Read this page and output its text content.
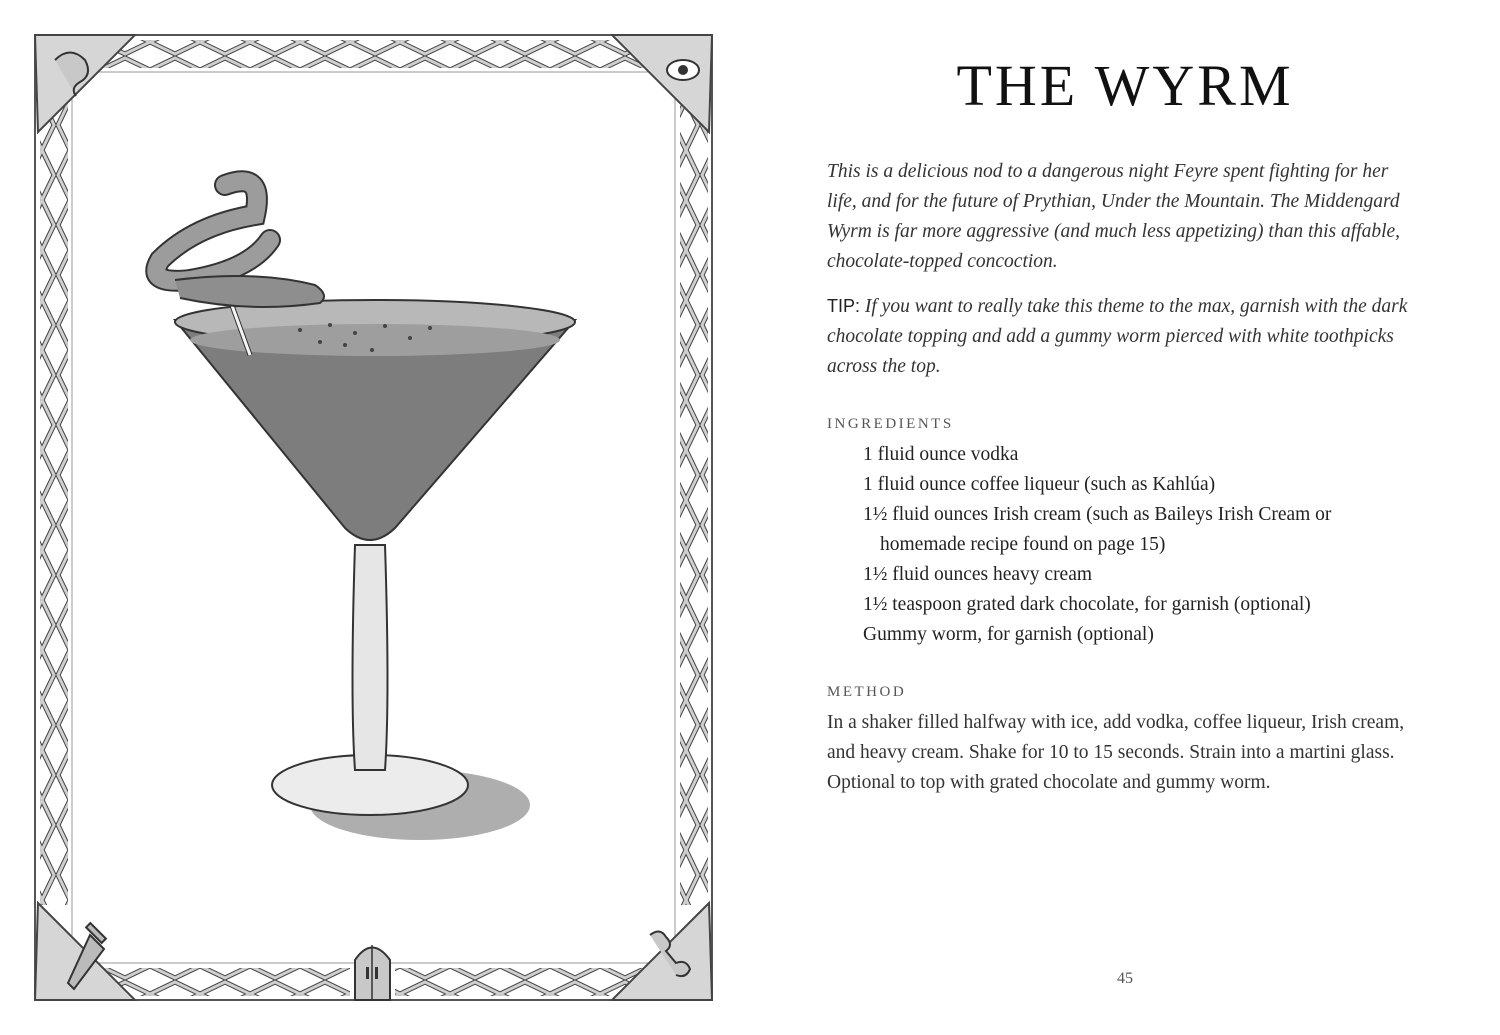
THE WYRM

This is a delicious nod to a dangerous night Feyre spent fighting for her life, and for the future of Prythian, Under the Mountain. The Middengard Wyrm is far more aggressive (and much less appetizing) than this affable, chocolate-topped concoction.

TIP: If you want to really take this theme to the max, garnish with the dark chocolate topping and add a gummy worm pierced with white toothpicks across the top.

INGREDIENTS

1 fluid ounce vodka
1 fluid ounce coffee liqueur (such as Kahlúa)
1½ fluid ounces Irish cream (such as Baileys Irish Cream or
homemade recipe found on page 15)
1½ fluid ounces heavy cream
1½ teaspoon grated dark chocolate, for garnish (optional)
Gummy worm, for garnish (optional)

METHOD

In a shaker filled halfway with ice, add vodka, coffee liqueur, Irish cream, and heavy cream. Shake for 10 to 15 seconds. Strain into a martini glass. Optional to top with grated chocolate and gummy worm.

45
